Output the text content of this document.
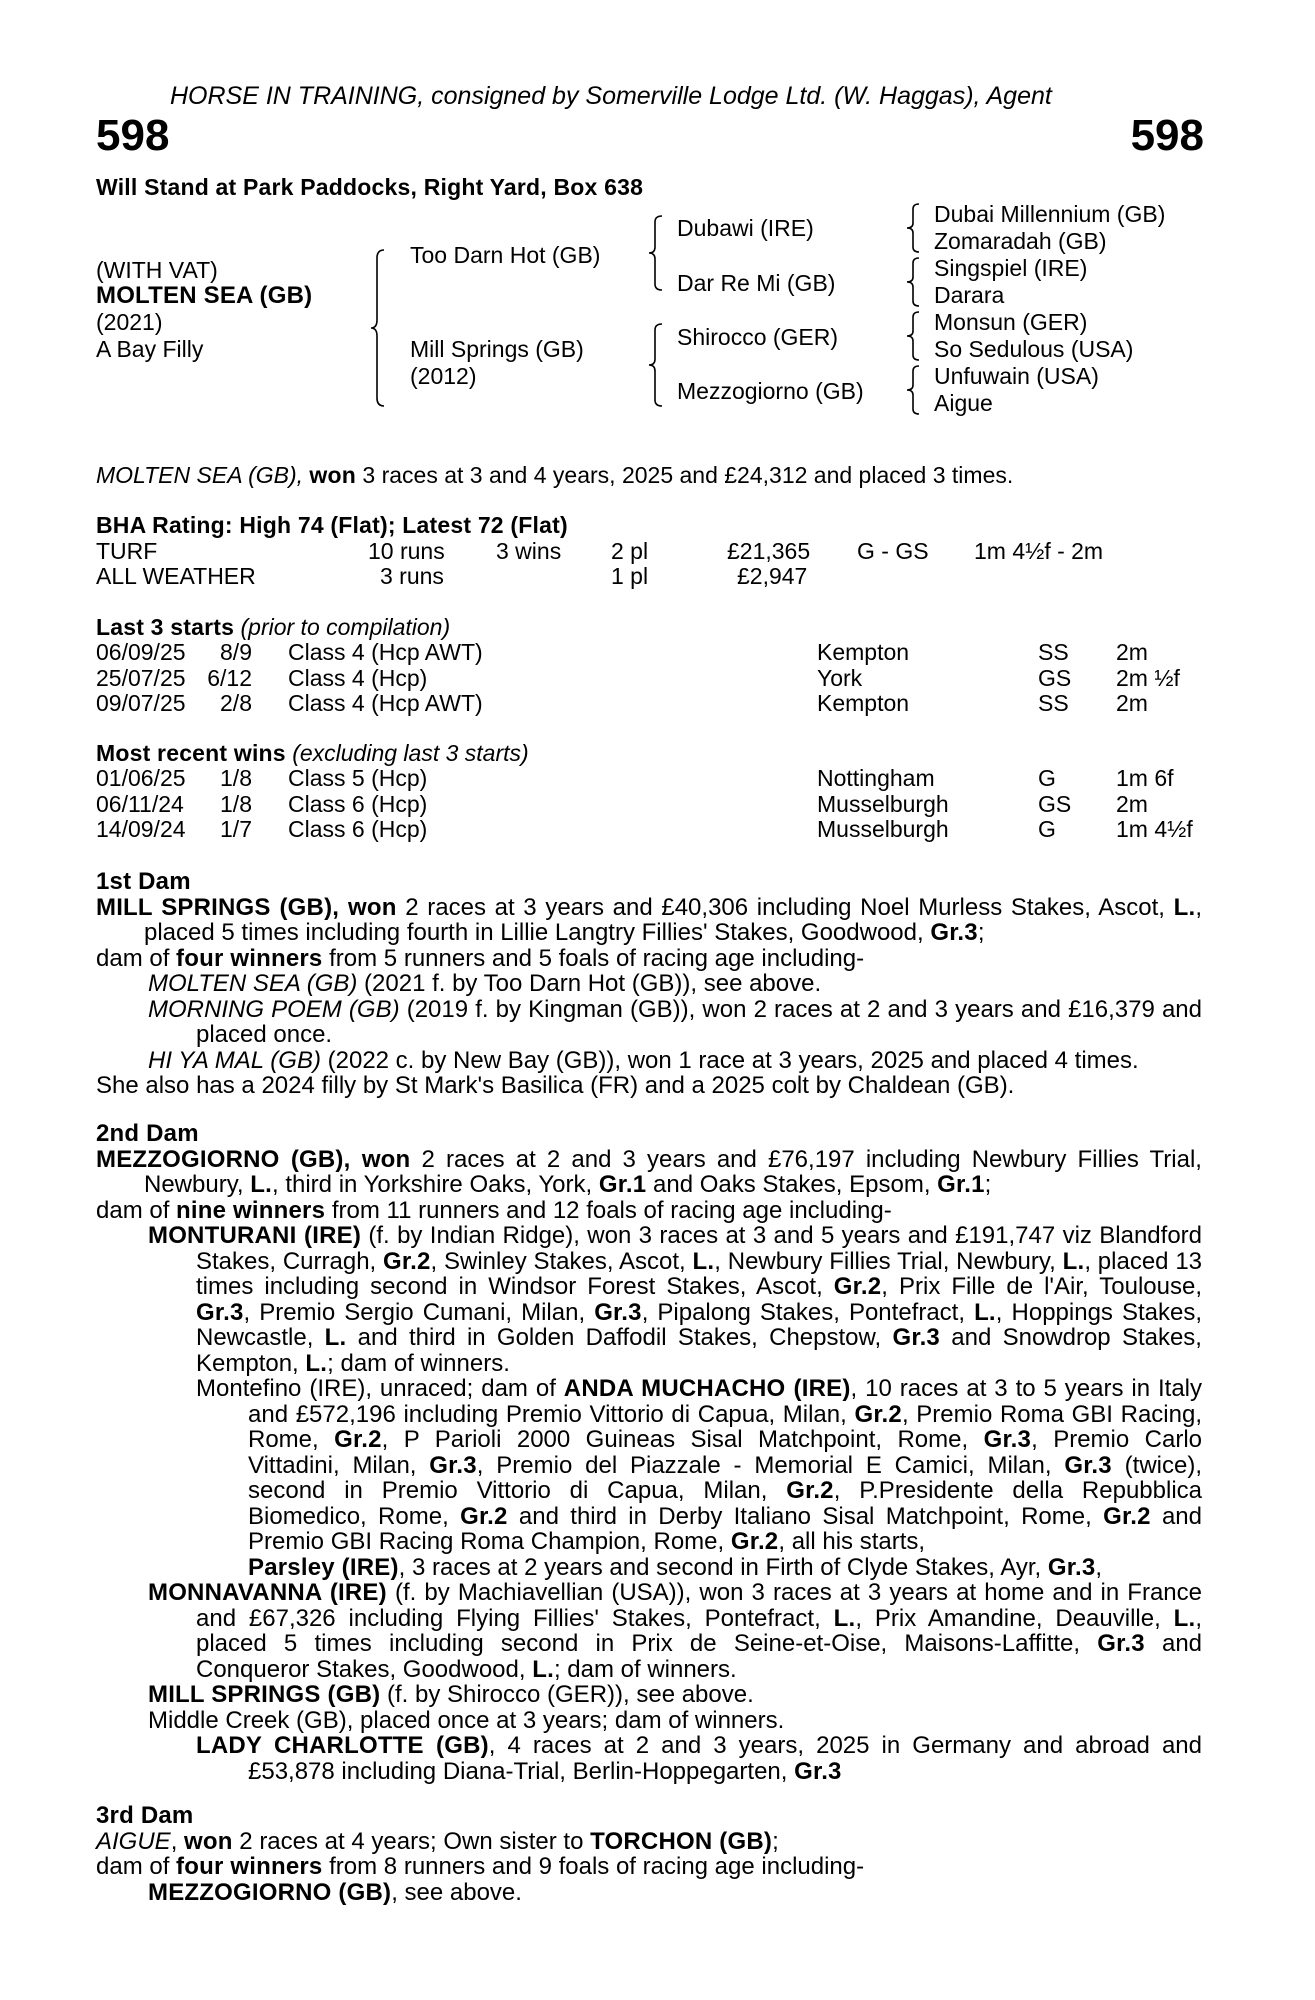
HORSE IN TRAINING, consigned by Somerville Lodge Ltd. (W. Haggas), Agent
598	598
Will Stand at Park Paddocks, Right Yard, Box 638
(WITH VAT)
MOLTEN SEA (GB)
(2021)
A Bay Filly
Too Darn Hot (GB)
Mill Springs (GB)
(2012)
Dubawi (IRE)
Dar Re Mi (GB)
Shirocco (GER)
Mezzogiorno (GB)
Dubai Millennium (GB)
Zomaradah (GB)
Singspiel (IRE)
Darara
Monsun (GER)
So Sedulous (USA)
Unfuwain (USA)
Aigue
MOLTEN SEA (GB), won 3 races at 3 and 4 years, 2025 and £24,312 and placed 3 times.
BHA Rating: High 74 (Flat); Latest 72 (Flat)
TURF	10 runs 3 wins 2 pl	£21,365 G - GS 1m 4½f - 2m
ALL WEATHER	3 runs	1 pl	£2,947
Last 3 starts (prior to compilation)
06/09/25	8/9 Class 4 (Hcp AWT)	Kempton	SS 2m
25/07/25 6/12 Class 4 (Hcp)	York	GS 2m ½f
09/07/25	2/8 Class 4 (Hcp AWT)	Kempton	SS 2m
Most recent wins (excluding last 3 starts)
01/06/25	1/8 Class 5 (Hcp)	Nottingham	G	1m 6f
06/11/24	1/8 Class 6 (Hcp)	Musselburgh	GS 2m
14/09/24	1/7 Class 6 (Hcp)	Musselburgh	G	1m 4½f
1st Dam
MILL SPRINGS (GB), won 2 races at 3 years and £40,306 including Noel Murless Stakes, Ascot, L., placed 5 times including fourth in Lillie Langtry Fillies' Stakes, Goodwood, Gr.3;
dam of four winners from 5 runners and 5 foals of racing age including-
MOLTEN SEA (GB) (2021 f. by Too Darn Hot (GB)), see above.
MORNING POEM (GB) (2019 f. by Kingman (GB)), won 2 races at 2 and 3 years and £16,379 and placed once.
HI YA MAL (GB) (2022 c. by New Bay (GB)), won 1 race at 3 years, 2025 and placed 4 times.
She also has a 2024 filly by St Mark's Basilica (FR) and a 2025 colt by Chaldean (GB).
2nd Dam
MEZZOGIORNO (GB), won 2 races at 2 and 3 years and £76,197 including Newbury Fillies Trial, Newbury, L., third in Yorkshire Oaks, York, Gr.1 and Oaks Stakes, Epsom, Gr.1;
dam of nine winners from 11 runners and 12 foals of racing age including-
MONTURANI (IRE) (f. by Indian Ridge), won 3 races at 3 and 5 years and £191,747 viz Blandford Stakes, Curragh, Gr.2, Swinley Stakes, Ascot, L., Newbury Fillies Trial, Newbury, L., placed 13 times including second in Windsor Forest Stakes, Ascot, Gr.2, Prix Fille de l'Air, Toulouse, Gr.3, Premio Sergio Cumani, Milan, Gr.3, Pipalong Stakes, Pontefract, L., Hoppings Stakes, Newcastle, L. and third in Golden Daffodil Stakes, Chepstow, Gr.3 and Snowdrop Stakes, Kempton, L.; dam of winners.
Montefino (IRE), unraced; dam of ANDA MUCHACHO (IRE), 10 races at 3 to 5 years in Italy and £572,196 including Premio Vittorio di Capua, Milan, Gr.2, Premio Roma GBI Racing, Rome, Gr.2, P Parioli 2000 Guineas Sisal Matchpoint, Rome, Gr.3, Premio Carlo Vittadini, Milan, Gr.3, Premio del Piazzale - Memorial E Camici, Milan, Gr.3 (twice), second in Premio Vittorio di Capua, Milan, Gr.2, P.Presidente della Repubblica Biomedico, Rome, Gr.2 and third in Derby Italiano Sisal Matchpoint, Rome, Gr.2 and Premio GBI Racing Roma Champion, Rome, Gr.2, all his starts,
Parsley (IRE), 3 races at 2 years and second in Firth of Clyde Stakes, Ayr, Gr.3,
MONNAVANNA (IRE) (f. by Machiavellian (USA)), won 3 races at 3 years at home and in France and £67,326 including Flying Fillies' Stakes, Pontefract, L., Prix Amandine, Deauville, L., placed 5 times including second in Prix de Seine-et-Oise, Maisons-Laffitte, Gr.3 and Conqueror Stakes, Goodwood, L.; dam of winners.
MILL SPRINGS (GB) (f. by Shirocco (GER)), see above.
Middle Creek (GB), placed once at 3 years; dam of winners.
LADY CHARLOTTE (GB), 4 races at 2 and 3 years, 2025 in Germany and abroad and £53,878 including Diana-Trial, Berlin-Hoppegarten, Gr.3
3rd Dam
AIGUE, won 2 races at 4 years; Own sister to TORCHON (GB);
dam of four winners from 8 runners and 9 foals of racing age including-
MEZZOGIORNO (GB), see above.
